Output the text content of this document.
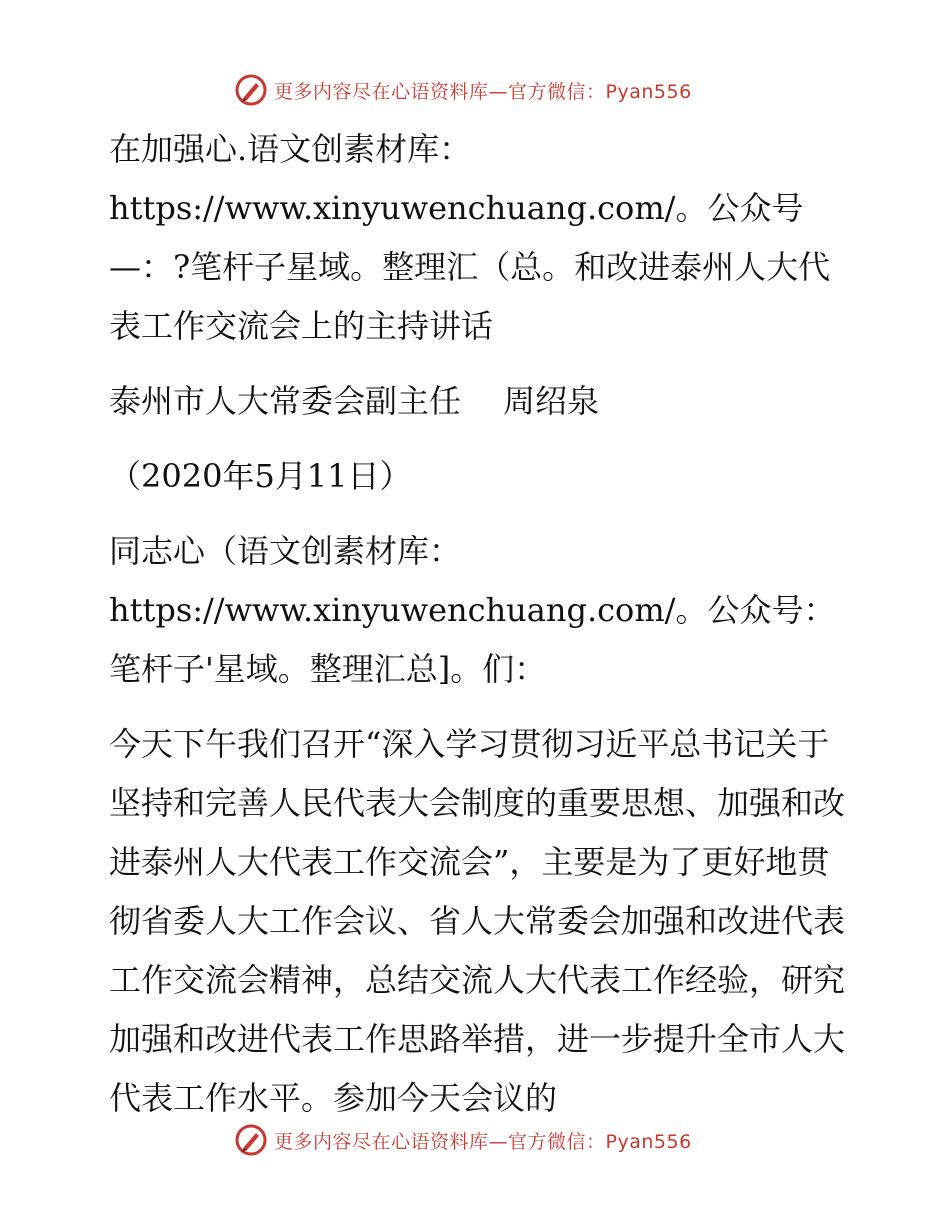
更多内容尽在心语资料库—官方微信：Pyan556

在加强心.语文创素材库：https://www.xinyuwenchuang.com/。公众号—：?笔杆子星域。整理汇（总。和改进泰州人大代表工作交流会上的主持讲话

泰州市人大常委会副主任　 周绍泉

（2020年5月11日）

同志心（语文创素材库：https://www.xinyuwenchuang.com/。公众号：笔杆子'星域。整理汇总]。们：

今天下午我们召开“深入学习贯彻习近平总书记关于坚持和完善人民代表大会制度的重要思想、加强和改进泰州人大代表工作交流会”，主要是为了更好地贯彻省委人大工作会议、省人大常委会加强和改进代表工作交流会精神，总结交流人大代表工作经验，研究加强和改进代表工作思路举措，进一步提升全市人大代表工作水平。参加今天会议的

更多内容尽在心语资料库—官方微信：Pyan556
